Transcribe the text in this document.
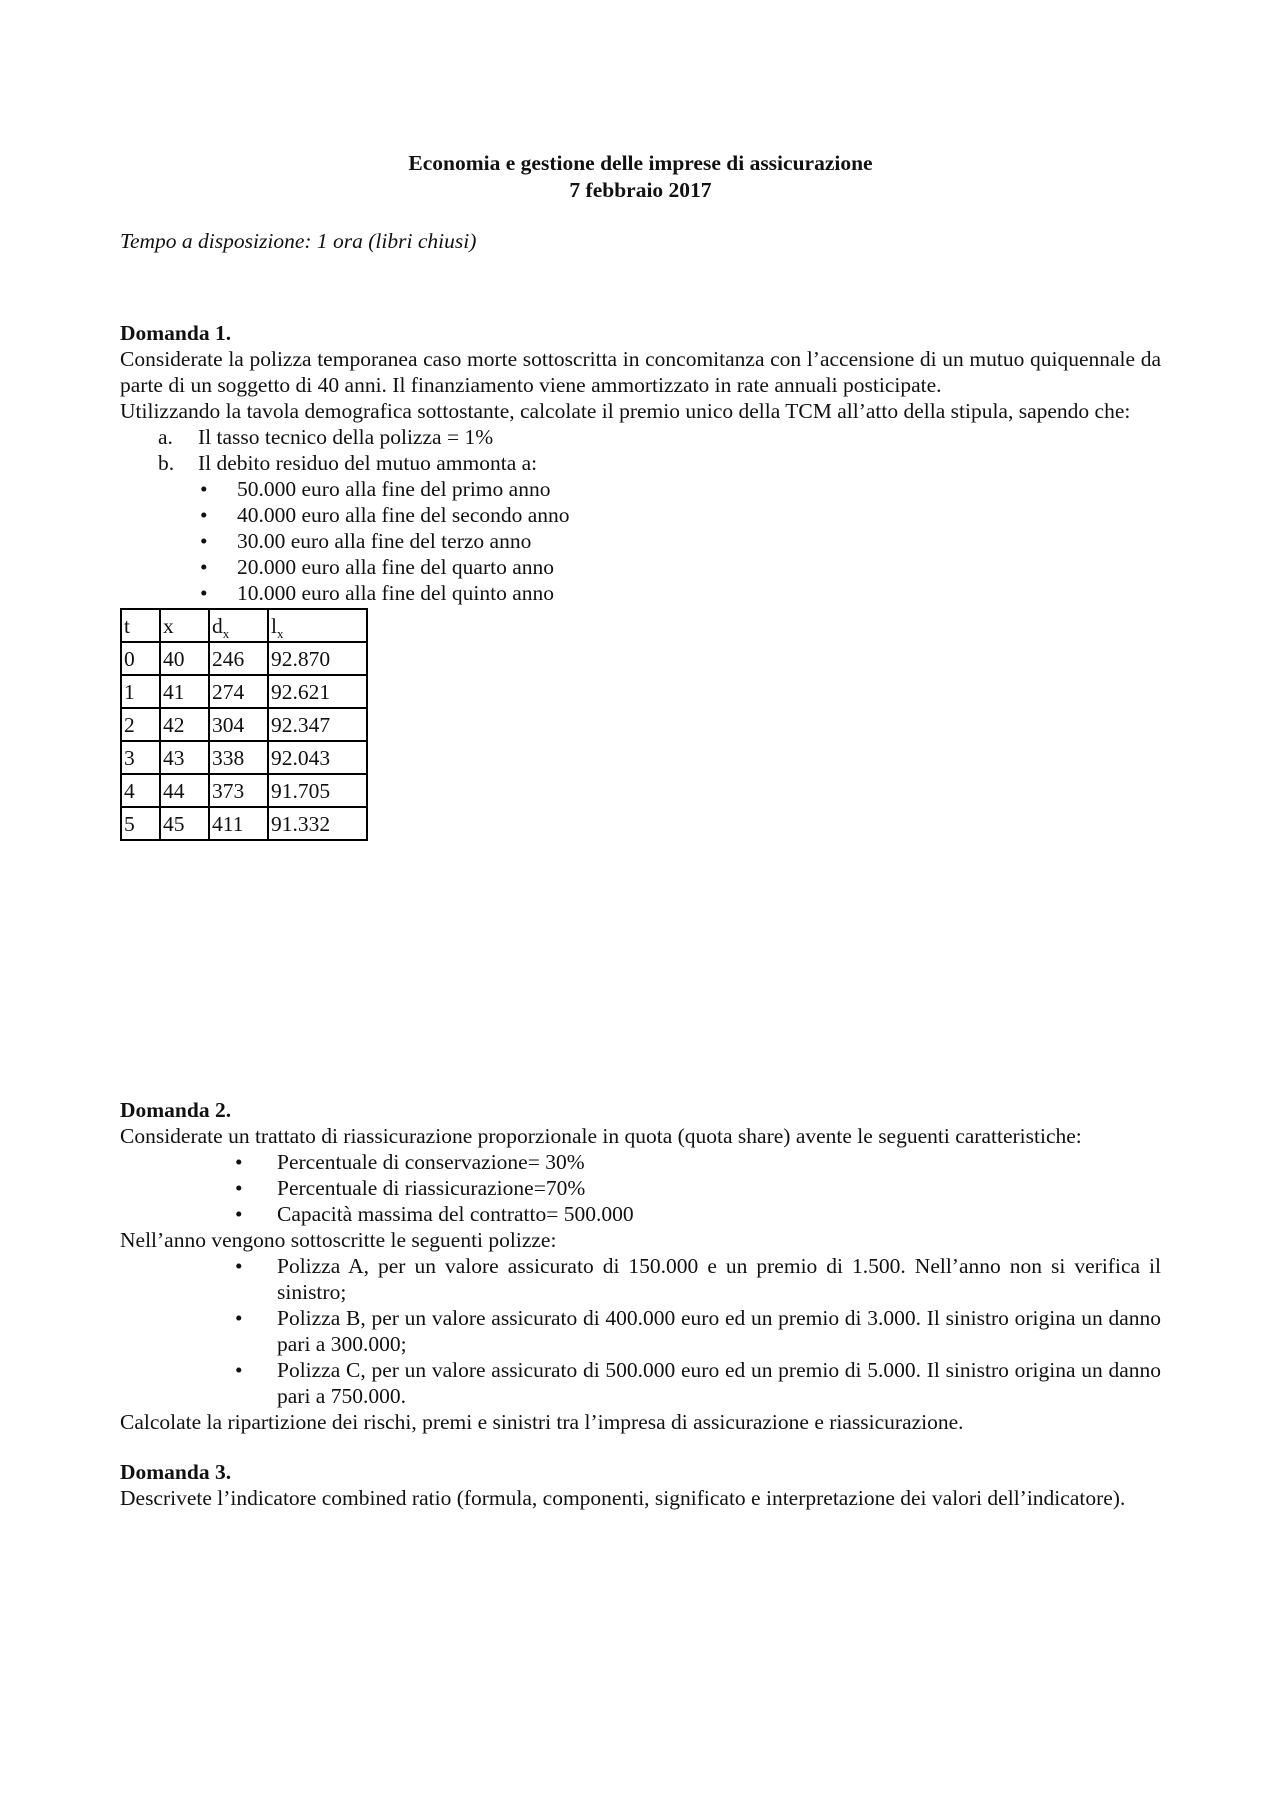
Economia e gestione delle imprese di assicurazione
7 febbraio 2017
Tempo a disposizione: 1 ora (libri chiusi)
Domanda 1.
Considerate la polizza temporanea caso morte sottoscritta in concomitanza con l’accensione di un mutuo quiquennale da parte di un soggetto di 40 anni. Il finanziamento viene ammortizzato in rate annuali posticipate.
Utilizzando la tavola demografica sottostante, calcolate il premio unico della TCM all’atto della stipula, sapendo che:
a. Il tasso tecnico della polizza = 1%
b. Il debito residuo del mutuo ammonta a:
• 50.000 euro alla fine del primo anno
• 40.000 euro alla fine del secondo anno
• 30.00 euro alla fine del terzo anno
• 20.000 euro alla fine del quarto anno
• 10.000 euro alla fine del quinto anno
t	x	$d_x$	$l_x$
0	40	246	92.870
1	41	274	92.621
2	42	304	92.347
3	43	338	92.043
4	44	373	91.705
5	45	411	91.332
Domanda 2.
Considerate un trattato di riassicurazione proporzionale in quota (quota share) avente le seguenti caratteristiche:
• Percentuale di conservazione= 30%
• Percentuale di riassicurazione=70%
• Capacità massima del contratto= 500.000
Nell’anno vengono sottoscritte le seguenti polizze:
• Polizza A, per un valore assicurato di 150.000 e un premio di 1.500. Nell’anno non si verifica il sinistro;
• Polizza B, per un valore assicurato di 400.000 euro ed un premio di 3.000. Il sinistro origina un danno pari a 300.000;
• Polizza C, per un valore assicurato di 500.000 euro ed un premio di 5.000. Il sinistro origina un danno pari a 750.000.
Calcolate la ripartizione dei rischi, premi e sinistri tra l’impresa di assicurazione e riassicurazione.
Domanda 3.
Descrivete l’indicatore combined ratio (formula, componenti, significato e interpretazione dei valori dell’indicatore).
